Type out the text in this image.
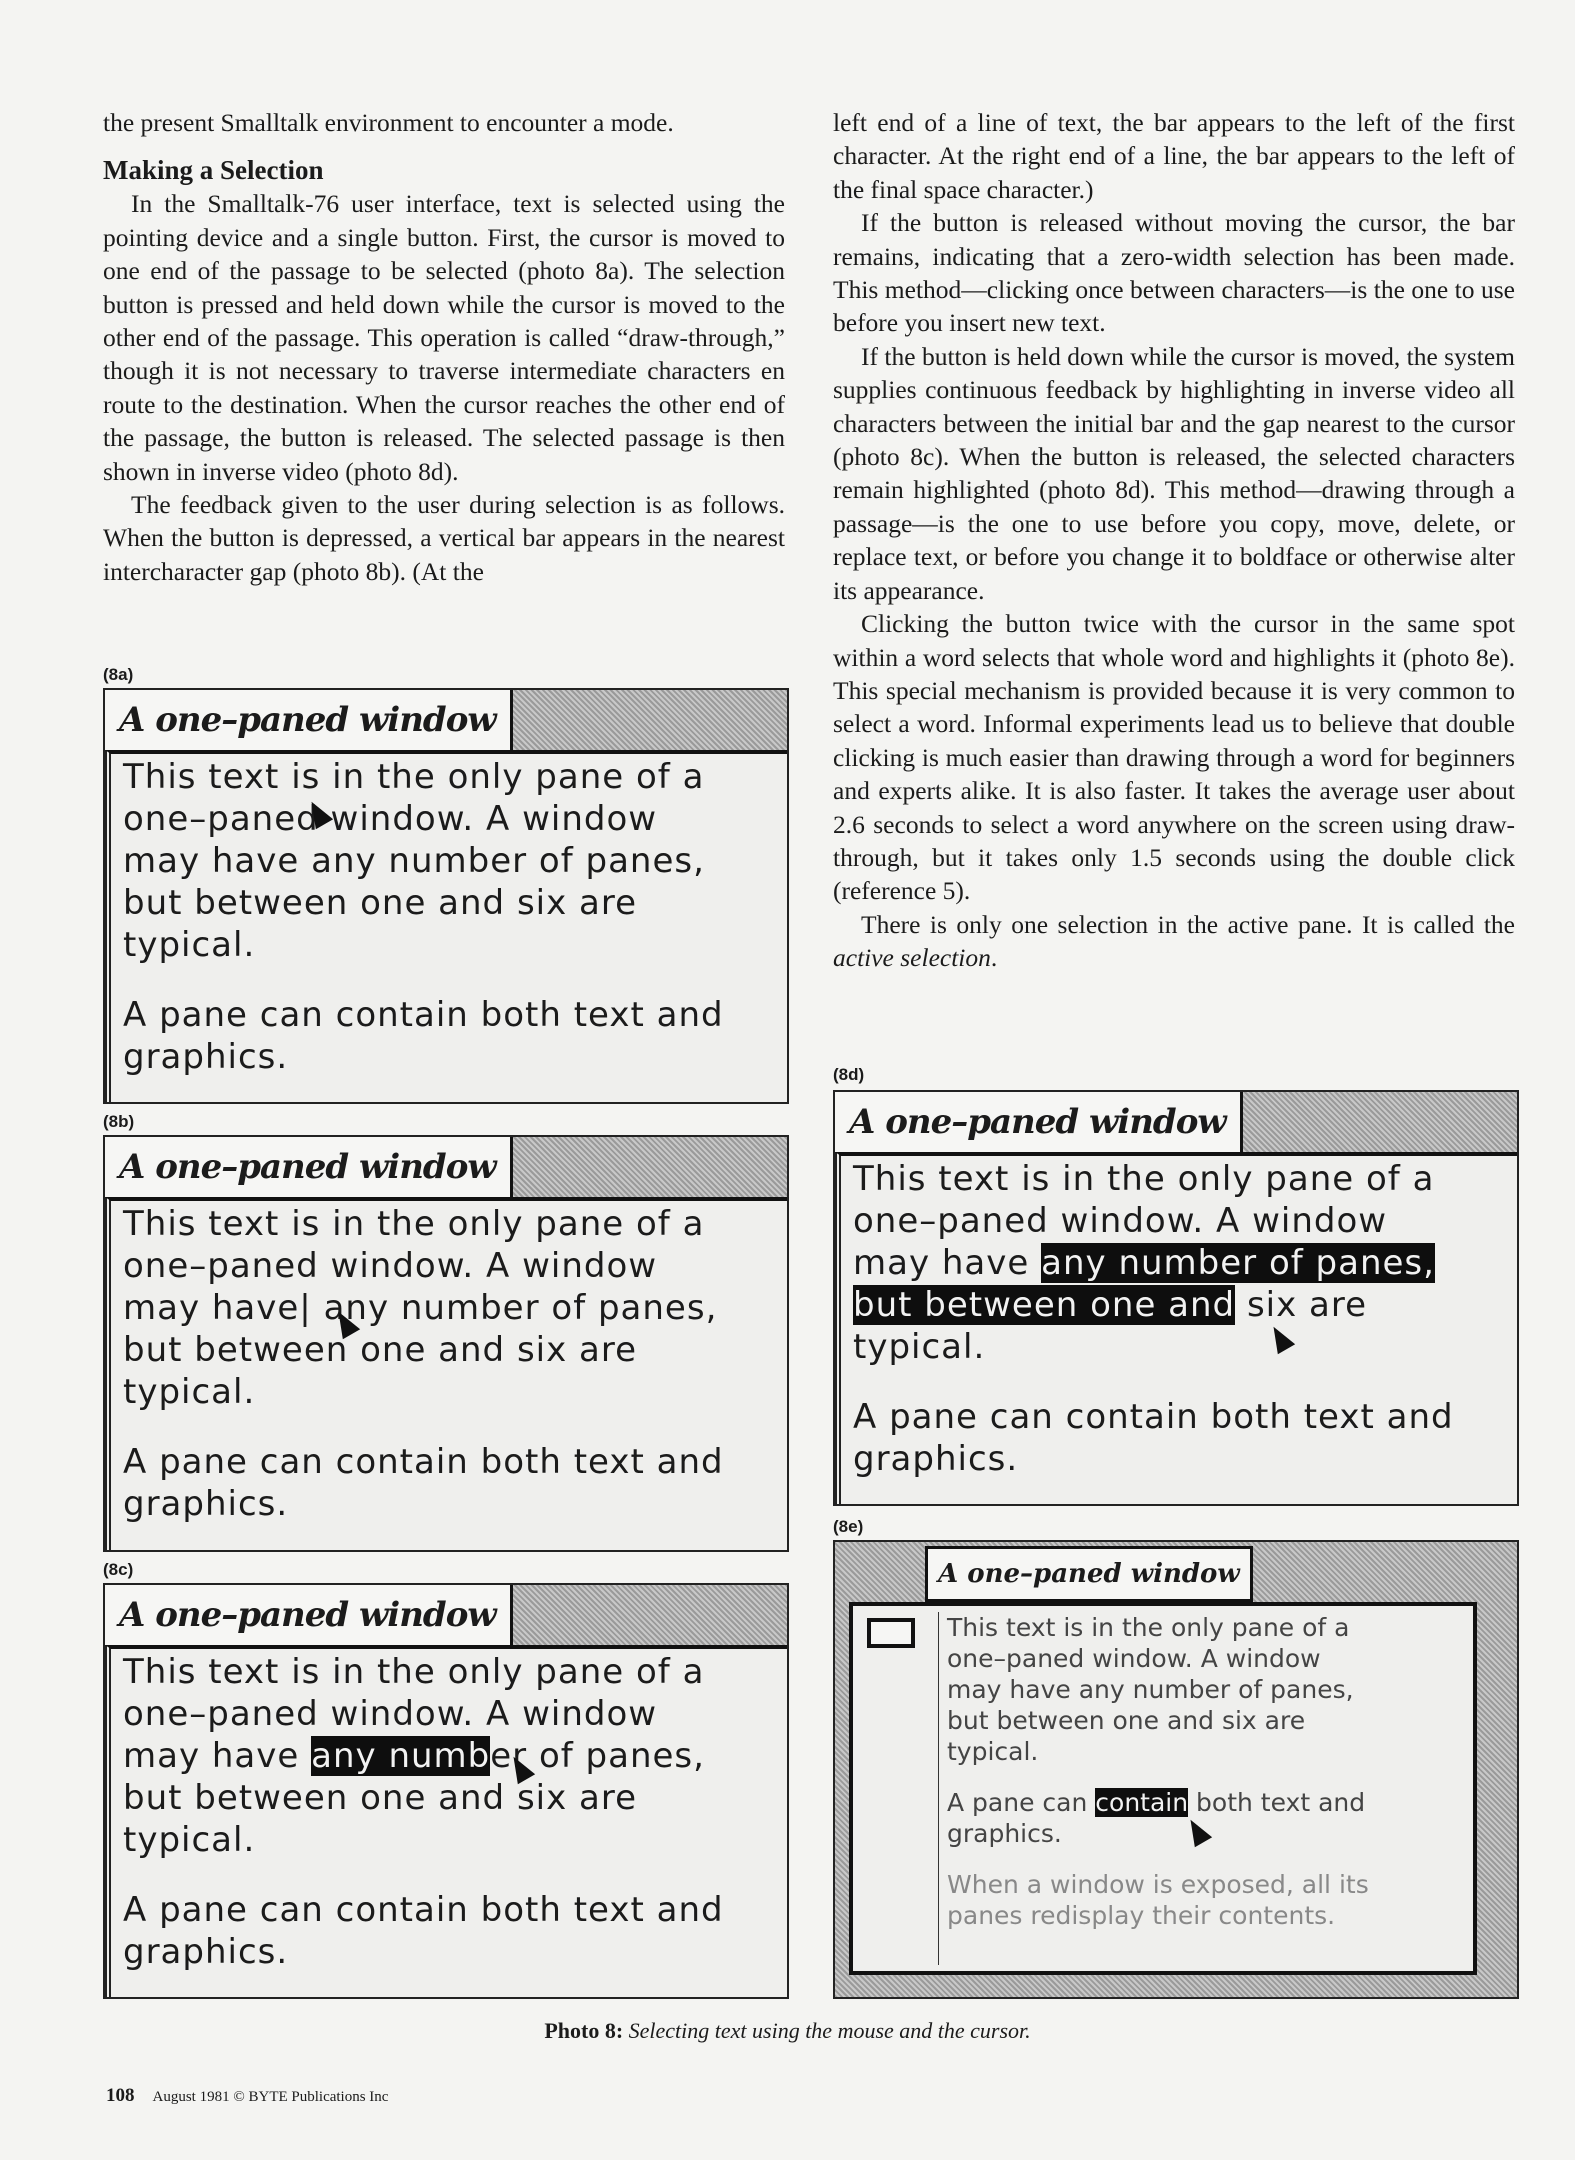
the present Smalltalk environment to encounter a mode.

Making a Selection

In the Smalltalk-76 user interface, text is selected using the pointing device and a single button. First, the cursor is moved to one end of the passage to be selected (photo 8a). The selection button is pressed and held down while the cursor is moved to the other end of the passage. This operation is called “draw-through,” though it is not necessary to traverse intermediate characters en route to the destination. When the cursor reaches the other end of the passage, the button is released. The selected passage is then shown in inverse video (photo 8d).

The feedback given to the user during selection is as follows. When the button is depressed, a vertical bar appears in the nearest intercharacter gap (photo 8b). (At the

left end of a line of text, the bar appears to the left of the first character. At the right end of a line, the bar appears to the left of the final space character.)

If the button is released without moving the cursor, the bar remains, indicating that a zero-width selection has been made. This method—clicking once between characters—is the one to use before you insert new text.

If the button is held down while the cursor is moved, the system supplies continuous feedback by highlighting in inverse video all characters between the initial bar and the gap nearest to the cursor (photo 8c). When the button is released, the selected characters remain highlighted (photo 8d). This method—drawing through a passage—is the one to use before you copy, move, delete, or replace text, or before you change it to boldface or otherwise alter its appearance.

Clicking the button twice with the cursor in the same spot within a word selects that whole word and highlights it (photo 8e). This special mechanism is provided because it is very common to select a word. Informal experiments lead us to believe that double clicking is much easier than drawing through a word for beginners and experts alike. It is also faster. It takes the average user about 2.6 seconds to select a word anywhere on the screen using draw-through, but it takes only 1.5 seconds using the double click (reference 5).

There is only one selection in the active pane. It is called the active selection.

(8a)
A one–paned window
This text is in the only pane of a
one–paned window. A window
may have any number of panes,
but between one and six are
typical.
A pane can contain both text and
graphics.
(8b)
A one–paned window
This text is in the only pane of a
one–paned window. A window
may have| any number of panes,
but between one and six are
typical.
A pane can contain both text and
graphics.
(8c)
A one–paned window
This text is in the only pane of a
one–paned window. A window
may have any number of panes,
but between one and six are
typical.
A pane can contain both text and
graphics.
(8d)
A one–paned window
This text is in the only pane of a
one–paned window. A window
may have any number of panes,
but between one and six are
typical.
A pane can contain both text and
graphics.
(8e)
This text is in the only pane of a
one–paned window. A window
may have any number of panes,
but between one and six are
typical.
A pane can contain both text and
graphics.
When a window is exposed, all its
panes redisplay their contents.
A one–paned window
Photo 8: Selecting text using the mouse and the cursor.
108 August 1981 © BYTE Publications Inc
